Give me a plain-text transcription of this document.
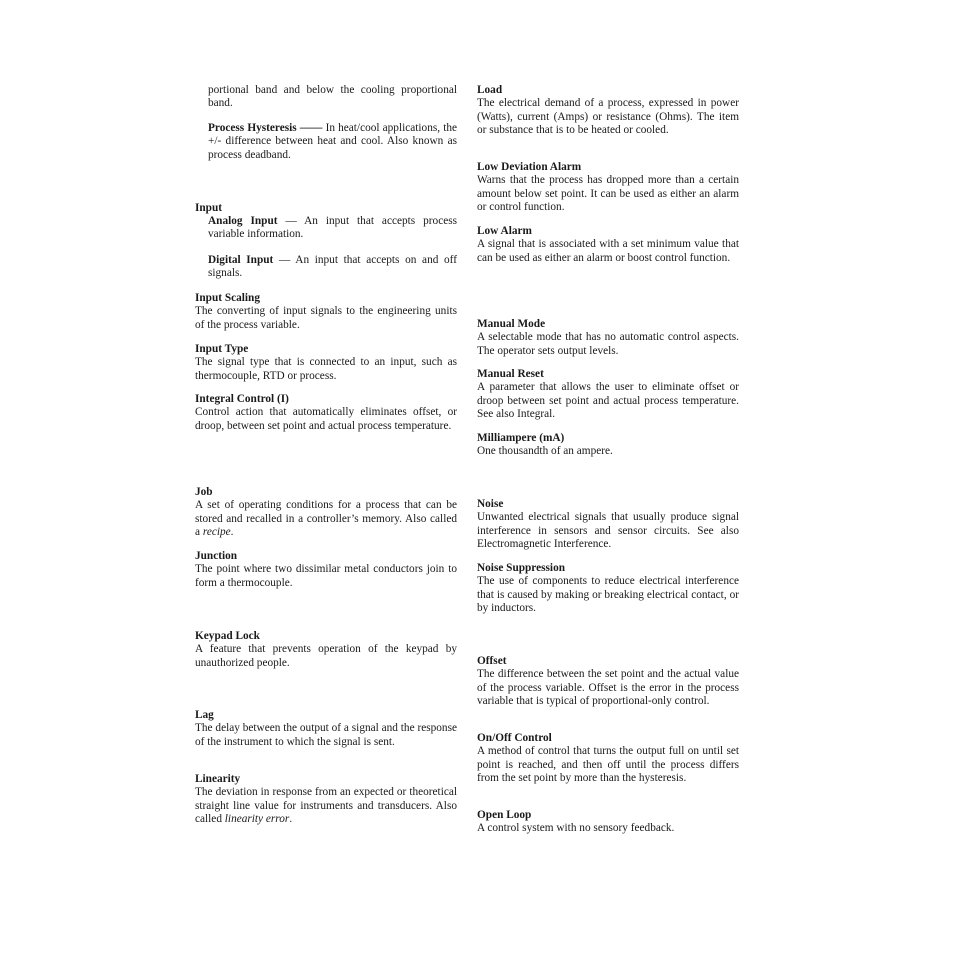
portional band and below the cooling proportional band.

Process Hysteresis —— In heat/cool applications, the +/- difference between heat and cool. Also known as process deadband.
Input
Analog Input — An input that accepts process variable information.
Digital Input — An input that accepts on and off signals.
Input Scaling

The converting of input signals to the engineering units of the process variable.

Input Type

The signal type that is connected to an input, such as thermocouple, RTD or process.

Integral Control (I)

Control action that automatically eliminates offset, or droop, between set point and actual process temperature.

Job

A set of operating conditions for a process that can be stored and recalled in a controller’s memory. Also called a recipe.

Junction

The point where two dissimilar metal conductors join to form a thermocouple.

Keypad Lock

A feature that prevents operation of the keypad by unauthorized people.

Lag

The delay between the output of a signal and the response of the instrument to which the signal is sent.

Linearity

The deviation in response from an expected or theoretical straight line value for instruments and transducers. Also called linearity error.

Load

The electrical demand of a process, expressed in power (Watts), current (Amps) or resistance (Ohms). The item or substance that is to be heated or cooled.

Low Deviation Alarm

Warns that the process has dropped more than a certain amount below set point. It can be used as either an alarm or control function.

Low Alarm

A signal that is associated with a set minimum value that can be used as either an alarm or boost control function.

Manual Mode

A selectable mode that has no automatic control aspects. The operator sets output levels.

Manual Reset

A parameter that allows the user to eliminate offset or droop between set point and actual process temperature. See also Integral.

Milliampere (mA)

One thousandth of an ampere.

Noise

Unwanted electrical signals that usually produce signal interference in sensors and sensor circuits. See also Electromagnetic Interference.

Noise Suppression

The use of components to reduce electrical interference that is caused by making or breaking electrical contact, or by inductors.

Offset

The difference between the set point and the actual value of the process variable. Offset is the error in the process variable that is typical of proportional-only control.

On/Off Control

A method of control that turns the output full on until set point is reached, and then off until the process differs from the set point by more than the hysteresis.

Open Loop

A control system with no sensory feedback.
